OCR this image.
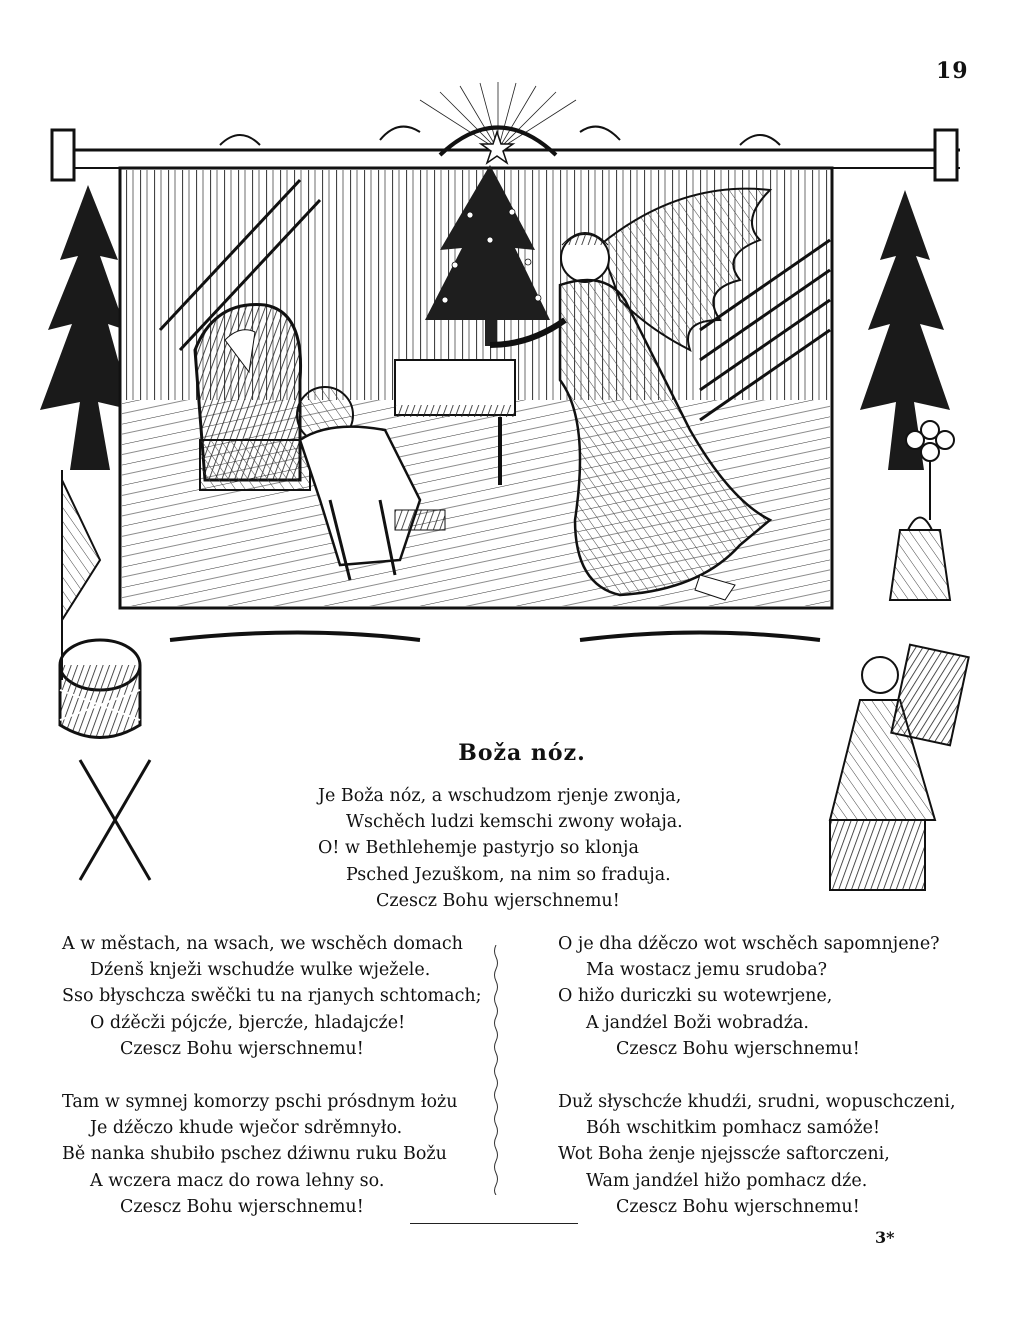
19
Boža nóz.
Je Boža nóz, a wschudzom rjenje zwonja,
Wschěch ludzi kemschi zwony wołaja.
O! w Bethlehemje pastyrjo so klonja
Psched Jezuškom, na nim so fraduja.
Czescz Bohu wjerschnemu!
A w městach, na wsach, we wschěch domach
Dźenš knježi wschudźe wulke wježele.
Sso błyschcza swěčki tu na rjanych schtomach;
O dźěcži pójcźe, bjercźe, hladajcźe!
Czescz Bohu wjerschnemu!
Tam w symnej komorzy pschi prósdnym łożu
Je dźěczo khude wječor sdrěmnyło.
Bě nanka shubiło pschez dźiwnu ruku Božu
A wczera macz do rowa lehny so.
Czescz Bohu wjerschnemu!
O je dha dźěczo wot wschěch sapomnjene?
Ma wostacz jemu srudoba?
O hižo duriczki su wotewrjene,
A jandźel Boži wobradźa.
Czescz Bohu wjerschnemu!
Duž słyschcźe khudźi, srudni, wopuschczeni,
Bóh wschitkim pomhacz samóže!
Wot Boha żenje njejsscźe saftorczeni,
Wam jandźel hižo pomhacz dźe.
Czescz Bohu wjerschnemu!
3*
